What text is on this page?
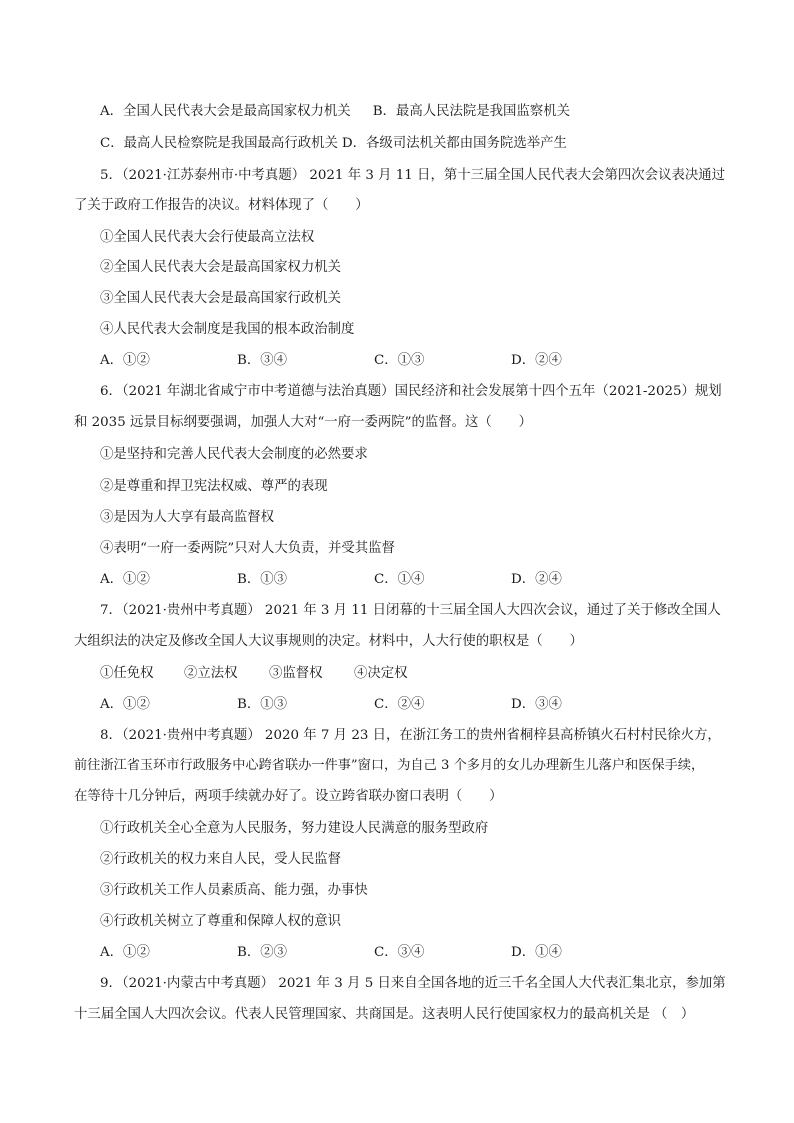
A．全国人民代表大会是最高国家权力机关 B．最高人民法院是我国监察机关
C．最高人民检察院是我国最高行政机关 D．各级司法机关都由国务院选举产生
5．（2021·江苏泰州市·中考真题） 2021 年 3 月 11 日，第十三届全国人民代表大会第四次会议表决通过
了关于政府工作报告的决议。材料体现了（　　）
①全国人民代表大会行使最高立法权
②全国人民代表大会是最高国家权力机关
③全国人民代表大会是最高国家行政机关
④人民代表大会制度是我国的根本政治制度
A．①②	B．③④	C．①③	D．②④
6．（2021 年湖北省咸宁市中考道德与法治真题）国民经济和社会发展第十四个五年（2021-2025）规划
和 2035 远景目标纲要强调，加强人大对“一府一委两院”的监督。这（　　）
①是坚持和完善人民代表大会制度的必然要求
②是尊重和捍卫宪法权威、尊严的表现
③是因为人大享有最高监督权
④表明“一府一委两院”只对人大负责，并受其监督
A．①②	B．①③	C．①④	D．②④
7．（2021·贵州中考真题） 2021 年 3 月 11 日闭幕的十三届全国人大四次会议，通过了关于修改全国人
大组织法的决定及修改全国人大议事规则的决定。材料中，人大行使的职权是（　　）
①任免权	②立法权	③监督权	④决定权
A．①②	B．①③	C．②④	D．③④
8．（2021·贵州中考真题） 2020 年 7 月 23 日，在浙江务工的贵州省桐梓县高桥镇火石村村民徐火方，
前往浙江省玉环市行政服务中心跨省联办一件事”窗口，为自己 3 个多月的女儿办理新生儿落户和医保手续，
在等待十几分钟后，两项手续就办好了。设立跨省联办窗口表明（　　）
①行政机关全心全意为人民服务，努力建设人民满意的服务型政府
②行政机关的权力来自人民，受人民监督
③行政机关工作人员素质高、能力强，办事快
④行政机关树立了尊重和保障人权的意识
A．①②	B．②③	C．③④	D．①④
9．（2021·内蒙古中考真题） 2021 年 3 月 5 日来自全国各地的近三千名全国人大代表汇集北京，参加第
十三届全国人大四次会议。代表人民管理国家、共商国是。这表明人民行使国家权力的最高机关是 （　）
